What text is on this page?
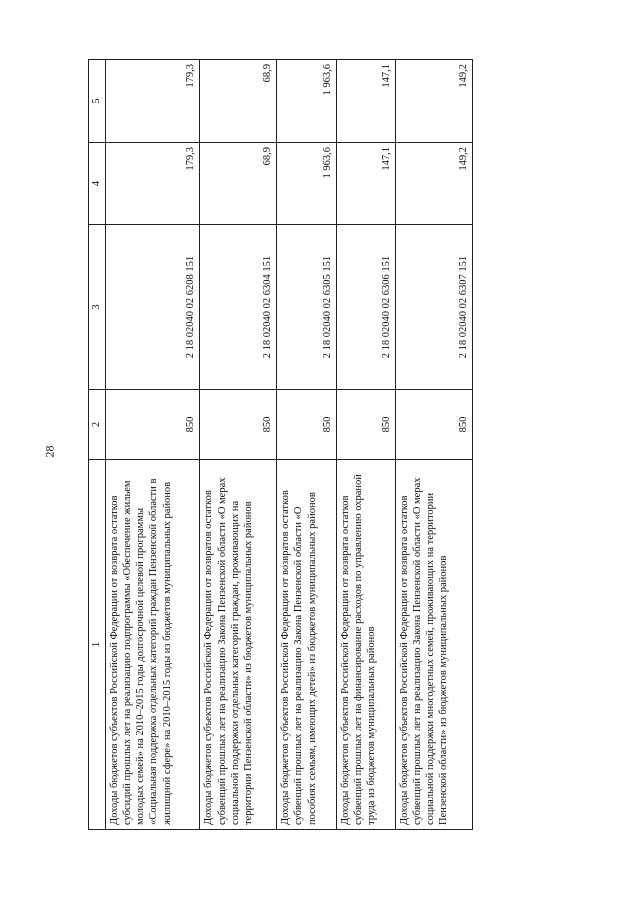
28
1	2	3	4	5
Доходы бюджетов субъектов Российской Федерации от возврата остатков субсидий прошлых лет на реализацию подпрограммы «Обеспечение жильем молодых семей» на 2010–2015 годы долгосрочной целевой программы «Социальная поддержка отдельных категорий граждан Пензенской области в жилищной сфере» на 2010–2015 годы из бюджетов муниципальных районов	850	2 18 02040 02 6208 151	179,3	179,3
Доходы бюджетов субъектов Российской Федерации от возвратов остатков субвенций прошлых лет на реализацию Закона Пензенской области «О мерах социальной поддержки отдельных категорий граждан, проживающих на территории Пензенской области» из бюджетов муниципальных районов	850	2 18 02040 02 6304 151	68,9	68,9
Доходы бюджетов субъектов Российской Федерации от возвратов остатков субвенций прошлых лет на реализацию Закона Пензенской области «О пособиях семьям, имеющих детей» из бюджетов муниципальных районов	850	2 18 02040 02 6305 151	1 963,6	1 963,6
Доходы бюджетов субъектов Российской Федерации от возврата остатков субвенций прошлых лет на финансирование расходов по управлению охраной труда из бюджетов муниципальных районов	850	2 18 02040 02 6306 151	147,1	147,1
Доходы бюджетов субъектов Российской Федерации от возврата остатков субвенций прошлых лет на реализацию Закона Пензенской области «О мерах социальной поддержки многодетных семей, проживающих на территории Пензенской области» из бюджетов муниципальных районов	850	2 18 02040 02 6307 151	149,2	149,2
